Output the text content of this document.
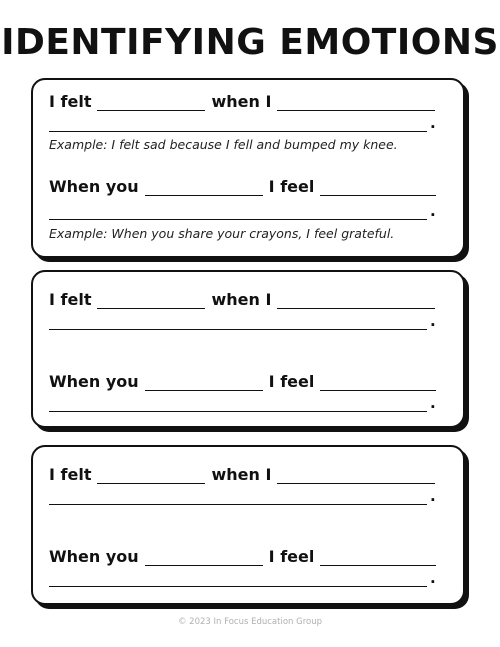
IDENTIFYING EMOTIONS
I felt	when I
.
Example: I felt sad because I fell and bumped my knee.
When you	I feel
.
Example: When you share your crayons, I feel grateful.
I felt	when I
.
When you	I feel
.
I felt	when I
.
When you	I feel
.
© 2023 In Focus Education Group
